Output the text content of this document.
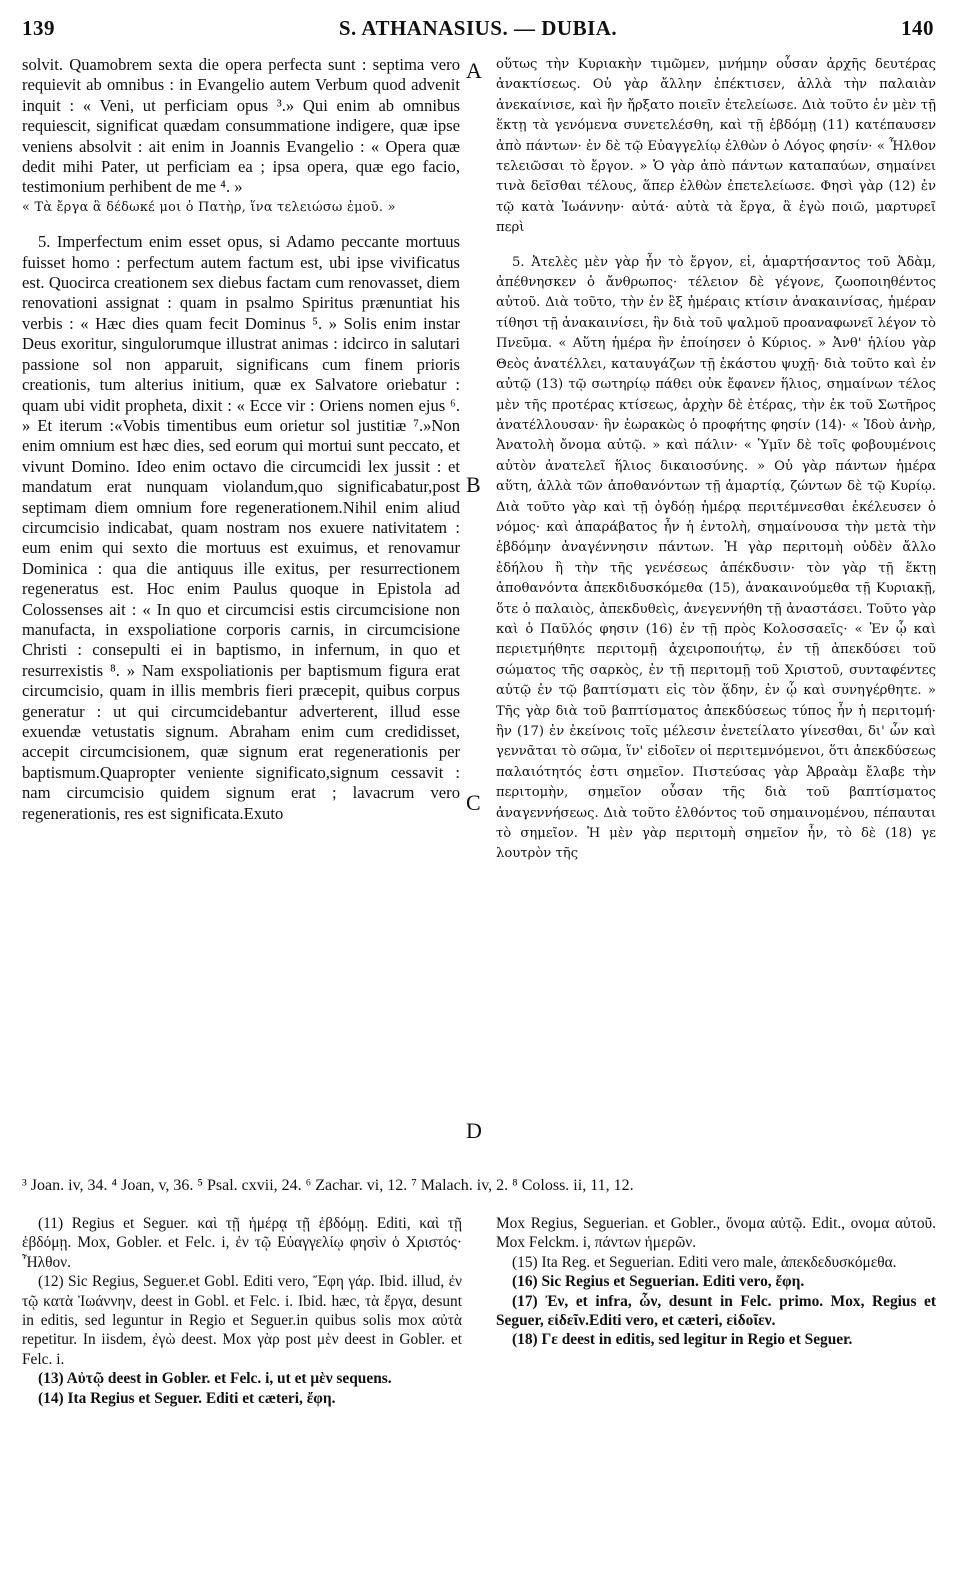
139	S. ATHANASIUS. — DUBIA.	140
A
B
C
D

solvit. Quamobrem sexta die opera perfecta sunt : septima vero requievit ab omnibus : in Evangelio autem Verbum quod advenit inquit : « Veni, ut perficiam opus ³.» Qui enim ab omnibus requiescit, significat quædam consummatione indigere, quæ ipse veniens absolvit : ait enim in Joannis Evangelio : « Opera quæ dedit mihi Pater, ut perficiam ea ; ipsa opera, quæ ego facio, testimonium perhibent de me ⁴. »

« Τὰ ἔργα ἃ δέδωκέ μοι ὁ Πατὴρ, ἵνα τελειώσω ἐμοῦ. »

5. Imperfectum enim esset opus, si Adamo peccante mortuus fuisset homo : perfectum autem factum est, ubi ipse vivificatus est. Quocirca creationem sex diebus factam cum renovasset, diem renovationi assignat : quam in psalmo Spiritus prænuntiat his verbis : « Hæc dies quam fecit Dominus ⁵. » Solis enim instar Deus exoritur, singulorumque illustrat animas : idcirco in salutari passione sol non apparuit, significans cum finem prioris creationis, tum alterius initium, quæ ex Salvatore oriebatur : quam ubi vidit propheta, dixit : « Ecce vir : Oriens nomen ejus ⁶. » Et iterum :«Vobis timentibus eum orietur sol justitiæ ⁷.»Non enim omnium est hæc dies, sed eorum qui mortui sunt peccato, et vivunt Domino. Ideo enim octavo die circumcidi lex jussit : et mandatum erat nunquam violandum,quo significabatur,post septimam diem omnium fore regenerationem.Nihil enim aliud circumcisio indicabat, quam nostram nos exuere nativitatem : eum enim qui sexto die mortuus est exuimus, et renovamur Dominica : qua die antiquus ille exitus, per resurrectionem regeneratus est. Hoc enim Paulus quoque in Epistola ad Colossenses ait : « In quo et circumcisi estis circumcisione non manufacta, in exspoliatione corporis carnis, in circumcisione Christi : consepulti ei in baptismo, in infernum, in quo et resurrexistis ⁸. » Nam exspoliationis per baptismum figura erat circumcisio, quam in illis membris fieri præcepit, quibus corpus generatur : ut qui circumcidebantur adverterent, illud esse exuendæ vetustatis signum. Abraham enim cum credidisset, accepit circumcisionem, quæ signum erat regenerationis per baptismum.Quapropter veniente significato,signum cessavit : nam circumcisio quidem signum erat ; lavacrum vero regenerationis, res est significata.Exuto

οὕτως τὴν Κυριακὴν τιμῶμεν, μνήμην οὖσαν ἀρχῆς δευτέρας ἀνακτίσεως. Οὐ γὰρ ἄλλην ἐπέκτισεν, ἀλλὰ τὴν παλαιὰν ἀνεκαίνισε, καὶ ἣν ἤρξατο ποιεῖν ἐτελείωσε. Διὰ τοῦτο ἐν μὲν τῇ ἕκτῃ τὰ γενόμενα συνετελέσθη, καὶ τῇ ἑβδόμῃ (11) κατέπαυσεν ἀπὸ πάντων· ἐν δὲ τῷ Εὐαγγελίῳ ἐλθὼν ὁ Λόγος φησίν· « Ἦλθον τελειῶσαι τὸ ἔργον. » Ὁ γὰρ ἀπὸ πάντων καταπαύων, σημαίνει τινὰ δεῖσθαι τέλους, ἅπερ ἐλθὼν ἐπετελείωσε. Φησὶ γὰρ (12) ἐν τῷ κατὰ Ἰωάννην· αὐτά· αὐτὰ τὰ ἔργα, ἃ ἐγὼ ποιῶ, μαρτυρεῖ περὶ

5. Ἀτελὲς μὲν γὰρ ἦν τὸ ἔργον, εἰ, ἁμαρτήσαντος τοῦ Ἀδὰμ, ἀπέθνησκεν ὁ ἄνθρωπος· τέλειον δὲ γέγονε, ζωοποιηθέντος αὐτοῦ. Διὰ τοῦτο, τὴν ἐν ἓξ ἡμέραις κτίσιν ἀνακαινίσας, ἡμέραν τίθησι τῇ ἀνακαινίσει, ἣν διὰ τοῦ ψαλμοῦ προαναφωνεῖ λέγον τὸ Πνεῦμα. « Αὕτη ἡμέρα ἣν ἐποίησεν ὁ Κύριος. » Ἀνθ' ἡλίου γὰρ Θεὸς ἀνατέλλει, καταυγάζων τῇ ἑκάστου ψυχῇ· διὰ τοῦτο καὶ ἐν αὐτῷ (13) τῷ σωτηρίῳ πάθει οὐκ ἔφανεν ἥλιος, σημαίνων τέλος μὲν τῆς προτέρας κτίσεως, ἀρχὴν δὲ ἑτέρας, τὴν ἐκ τοῦ Σωτῆρος ἀνατέλλουσαν· ἣν ἑωρακὼς ὁ προφήτης φησίν (14)· « Ἰδοὺ ἀνὴρ, Ἀνατολὴ ὄνομα αὐτῷ. » καὶ πάλιν· « Ὑμῖν δὲ τοῖς φοβουμένοις αὐτὸν ἀνατελεῖ ἥλιος δικαιοσύνης. » Οὐ γὰρ πάντων ἡμέρα αὕτη, ἀλλὰ τῶν ἀποθανόντων τῇ ἁμαρτίᾳ, ζώντων δὲ τῷ Κυρίῳ. Διὰ τοῦτο γὰρ καὶ τῇ ὀγδόῃ ἡμέρᾳ περιτέμνεσθαι ἐκέλευσεν ὁ νόμος· καὶ ἀπαράβατος ἦν ἡ ἐντολὴ, σημαίνουσα τὴν μετὰ τὴν ἑβδόμην ἀναγέννησιν πάντων. Ἡ γὰρ περιτομὴ οὐδὲν ἄλλο ἐδήλου ἢ τὴν τῆς γενέσεως ἀπέκδυσιν· τὸν γὰρ τῇ ἕκτῃ ἀποθανόντα ἀπεκδιδυσκόμεθα (15), ἀνακαινούμεθα τῇ Κυριακῇ, ὅτε ὁ παλαιὸς, ἀπεκδυθεὶς, ἀνεγεννήθη τῇ ἀναστάσει. Τοῦτο γὰρ καὶ ὁ Παῦλός φησιν (16) ἐν τῇ πρὸς Κολοσσαεῖς· « Ἐν ᾧ καὶ περιετμήθητε περιτομῇ ἀχειροποιήτῳ, ἐν τῇ ἀπεκδύσει τοῦ σώματος τῆς σαρκὸς, ἐν τῇ περιτομῇ τοῦ Χριστοῦ, συνταφέντες αὐτῷ ἐν τῷ βαπτίσματι εἰς τὸν ᾅδην, ἐν ᾧ καὶ συνηγέρθητε. » Τῆς γὰρ διὰ τοῦ βαπτίσματος ἀπεκδύσεως τύπος ἦν ἡ περιτομή· ἣν (17) ἐν ἐκείνοις τοῖς μέλεσιν ἐνετείλατο γίνεσθαι, δι' ὧν καὶ γεννᾶται τὸ σῶμα, ἵν' εἰδοῖεν οἱ περιτεμνόμενοι, ὅτι ἀπεκδύσεως παλαιότητός ἐστι σημεῖον. Πιστεύσας γὰρ Ἀβραὰμ ἔλαβε τὴν περιτομὴν, σημεῖον οὖσαν τῆς διὰ τοῦ βαπτίσματος ἀναγεννήσεως. Διὰ τοῦτο ἐλθόντος τοῦ σημαινομένου, πέπαυται τὸ σημεῖον. Ἡ μὲν γὰρ περιτομὴ σημεῖον ἦν, τὸ δὲ (18) γε λουτρὸν τῆς

³ Joan. iv, 34. ⁴ Joan, v, 36. ⁵ Psal. cxvii, 24. ⁶ Zachar. vi, 12. ⁷ Malach. iv, 2. ⁸ Coloss. ii, 11, 12.

(11) Regius et Seguer. καὶ τῇ ἡμέρᾳ τῇ ἑβδόμῃ. Editi, καὶ τῇ ἑβδόμῃ. Mox, Gobler. et Felc. i, ἐν τῷ Εὐαγγελίῳ φησὶν ὁ Χριστός· Ἦλθον.

(12) Sic Regius, Seguer.et Gobl. Editi vero, Ἔφη γάρ. Ibid. illud, ἐν τῷ κατὰ Ἰωάννην, deest in Gobl. et Felc. i. Ibid. hæc, τὰ ἔργα, desunt in editis, sed leguntur in Regio et Seguer.in quibus solis mox αὐτὰ repetitur. In iisdem, ἐγὼ deest. Mox γὰρ post μὲν deest in Gobler. et Felc. i.

(13) Αὐτῷ deest in Gobler. et Felc. i, ut et μὲν sequens.

(14) Ita Regius et Seguer. Editi et cæteri, ἔφη.

Mox Regius, Seguerian. et Gobler., ὄνομα αὐτῷ. Edit., ονομα αὐτοῦ. Mox Felckm. i, πάντων ἡμερῶν.

(15) Ita Reg. et Seguerian. Editi vero male, ἀπεκδεδυσκόμεθα.

(16) Sic Regius et Seguerian. Editi vero, ἔφη.

(17) Ἐν, et infra, ὧν, desunt in Felc. primo. Mox, Regius et Seguer, εἰδεῖν.Editi vero, et cæteri, εἰδοῖεν.

(18) Γε deest in editis, sed legitur in Regio et Seguer.
